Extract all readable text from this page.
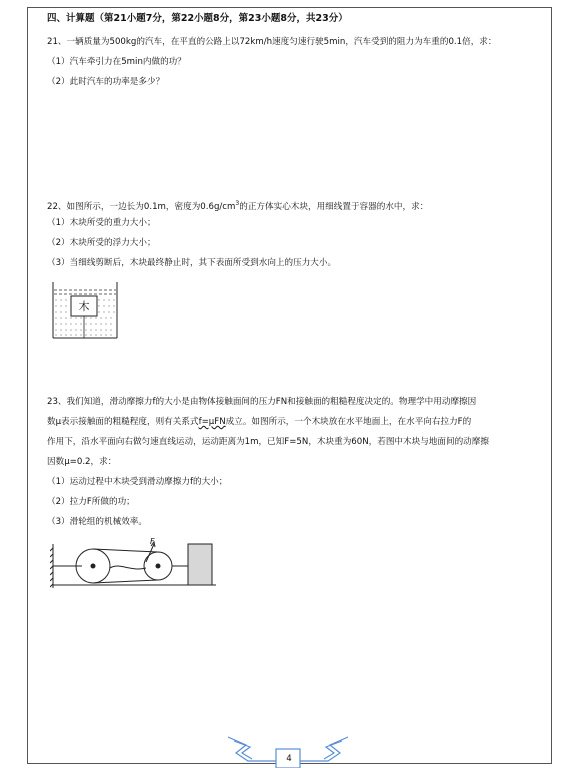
四、计算题（第21小题7分，第22小题8分，第23小题8分，共23分）
21、一辆质量为500kg的汽车，在平直的公路上以72km/h速度匀速行驶5min，汽车受到的阻力为车重的0.1倍，求：
（1）汽车牵引力在5min内做的功？
（2）此时汽车的功率是多少？
22、如图所示，一边长为0.1m，密度为$0.6g/cm^3$的正方体实心木块，用细线置于容器的水中，求：
（1）木块所受的重力大小；
（2）木块所受的浮力大小；
（3）当细线剪断后，木块最终静止时，其下表面所受到水向上的压力大小。
木
23、我们知道，滑动摩擦力f的大小是由物体接触面间的压力FN和接触面的粗糙程度决定的。物理学中用动摩擦因
数μ表示接触面的粗糙程度，则有关系式f=μFN成立。如图所示，一个木块放在水平地面上，在水平向右拉力F的
作用下，沿水平面向右做匀速直线运动，运动距离为1m，已知F=5N，木块重为60N，若图中木块与地面间的动摩擦
因数μ=0.2，求：
（1）运动过程中木块受到滑动摩擦力f的大小；
（2）拉力F所做的功；
（3）滑轮组的机械效率。
F
4
